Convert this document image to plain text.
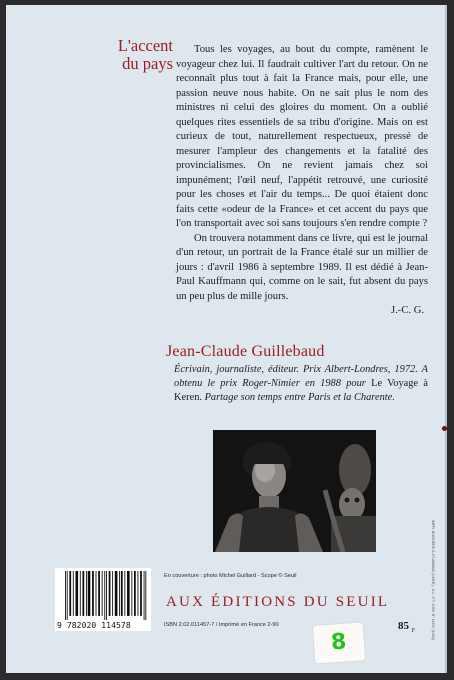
L'accent
du pays

Tous les voyages, au bout du compte, ramènent le voyageur chez lui. Il faudrait cultiver l'art du retour. On ne reconnaît plus tout à fait la France mais, pour elle, une passion neuve nous habite. On ne sait plus le nom des ministres ni celui des gloires du moment. On a oublié quelques rites essentiels de sa tribu d'origine. Mais on est curieux de tout, naturellement respectueux, pressé de mesurer l'ampleur des changements et la fatalité des provincialismes. On ne revient jamais chez soi impunément; l'œil neuf, l'appétit retrouvé, une curiosité pour les choses et l'air du temps... De quoi étaient donc faits cette «odeur de la France» et cet accent du pays que l'on transportait avec soi sans toujours s'en rendre compte ?

On trouvera notamment dans ce livre, qui est le journal d'un retour, un portrait de la France étalé sur un millier de jours : d'avril 1986 à septembre 1989. Il est dédié à Jean-Paul Kauffmann qui, comme on le sait, fut absent du pays un peu plus de mille jours.

J.-C. G.
Jean-Claude Guillebaud
Écrivain, journaliste, éditeur. Prix Albert-Londres, 1972. A obtenu le prix Roger-Nimier en 1988 pour Le Voyage à Keren. Partage son temps entre Paris et la Charente.
IMPR. BUSSIÈRE À ST-AMAND (CHER) - D.L. 1°T. 1990. N° 11457 (1092)
9 782020 114578
En couverture : photo Michel Guillard - Scope © Seuil
AUX ÉDITIONS DU SEUIL
ISBN 2.02.011457-7 / Imprimé en France 2-90	85 $_F$
8
